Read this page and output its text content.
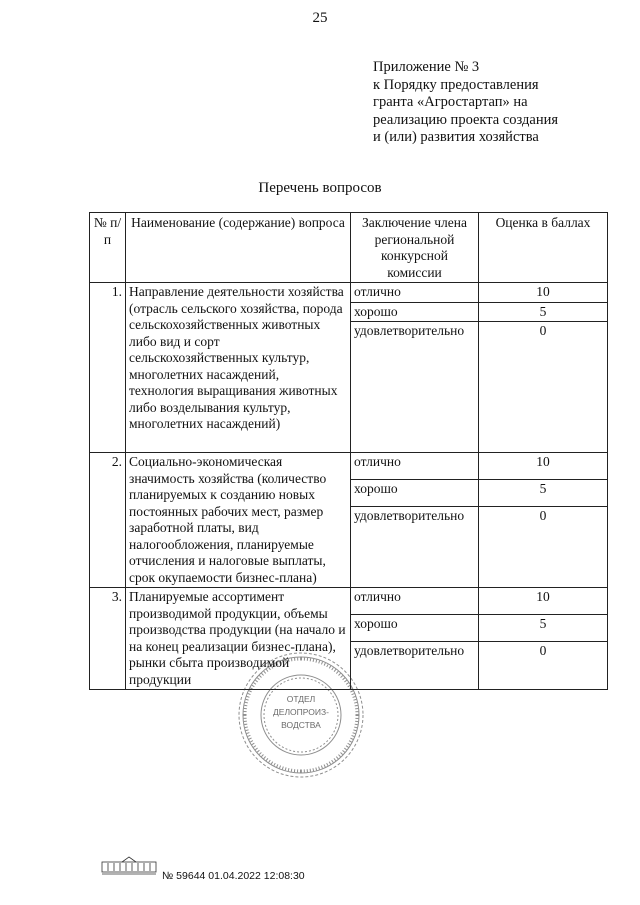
25
Приложение № 3
к Порядку предоставления
гранта «Агростартап» на
реализацию проекта создания
и (или) развития хозяйства
Перечень вопросов
№ п/п	Наименование (содержание) вопроса	Заключение члена региональной конкурсной комиссии	Оценка в баллах
1.	Направление деятельности хозяйства (отрасль сельского хозяйства, порода сельскохозяйственных животных либо вид и сорт сельскохозяйственных культур, многолетних насаждений, технология выращивания животных либо возделывания культур, многолетних насаждений)	отлично	10
		хорошо	5
		удовлетворительно	0
2.	Социально-экономическая значимость хозяйства (количество планируемых к созданию новых постоянных рабочих мест, размер заработной платы, вид налогообложения, планируемые отчисления и налоговые выплаты, срок окупаемости бизнес-плана)	отлично	10
		хорошо	5
		удовлетворительно	0
3.	Планируемые ассортимент производимой продукции, объемы производства продукции (на начало и на конец реализации бизнес-плана), рынки сбыта производимой продукции	отлично	10
		хорошо	5
		удовлетворительно	0
ОТДЕЛ
ДЕЛОПРОИЗ-
ВОДСТВА
№ 59644 01.04.2022 12:08:30
